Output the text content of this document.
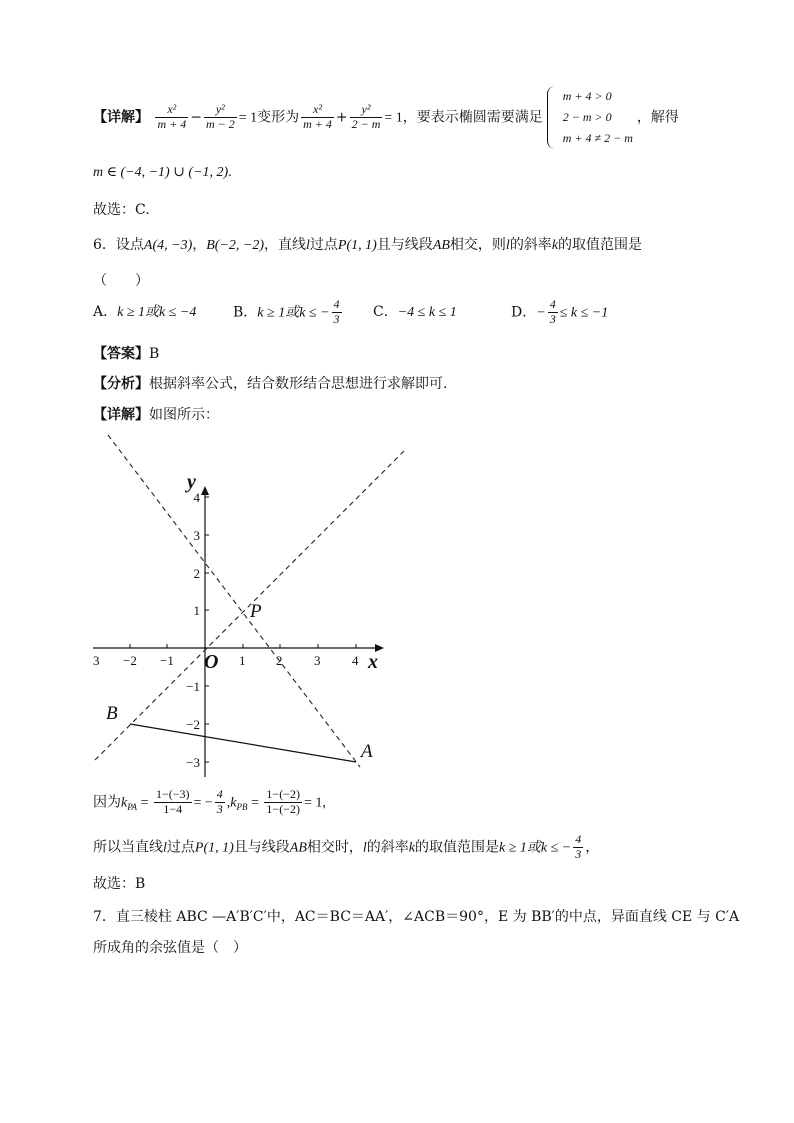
【详解】 $\frac{\text{x²}}{m + 4} - \frac{\text{y²}}{m - 2} = 1$变形为 $\frac{\text{x²}}{m + 4} + \frac{\text{y²}}{2 - m} = 1$，要表示椭圆需要满足
m + 4 > 0
2 − m > 0
m + 4 ≠ 2 − m
，解得
m ∈ (−4, −1) ∪ (−1, 2).
故选：C.
6．设点A(4, −3)，B(−2, −2)，直线l过点P(1, 1)且与线段AB相交，则l的斜率k的取值范围是
（　　）
A．k ≥ 1或k ≤ −4	B．k ≥ 1或k ≤ − $\frac{4}{3}$ C．−4 ≤ k ≤ 1	D．− $\frac{4}{3} \le k \le -1$
【答案】B
【分析】根据斜率公式，结合数形结合思想进行求解即可.
【详解】如图所示：
3 −2 −1	1 2 3 4
4
3
2
1
−1
−2
−3
x
y
O
P
A
B
因为$k_{PA} = \frac{1-(-3)}{1-4}$ = − $\frac{4}{3} ,k_{PB} = \frac{1-(-2)}{1-(-2)} = 1$,
所以当直线l过点P(1, 1)且与线段AB相交时，l的斜率k的取值范围是k ≥ 1或k ≤ − $\frac{4}{3}$ ，
故选：B
7．直三棱柱 ABC —A′B′C′中，AC＝BC＝AA′，∠ACB＝90°，E 为 BB′的中点，异面直线 CE 与 C′A
所成角的余弦值是（　）
